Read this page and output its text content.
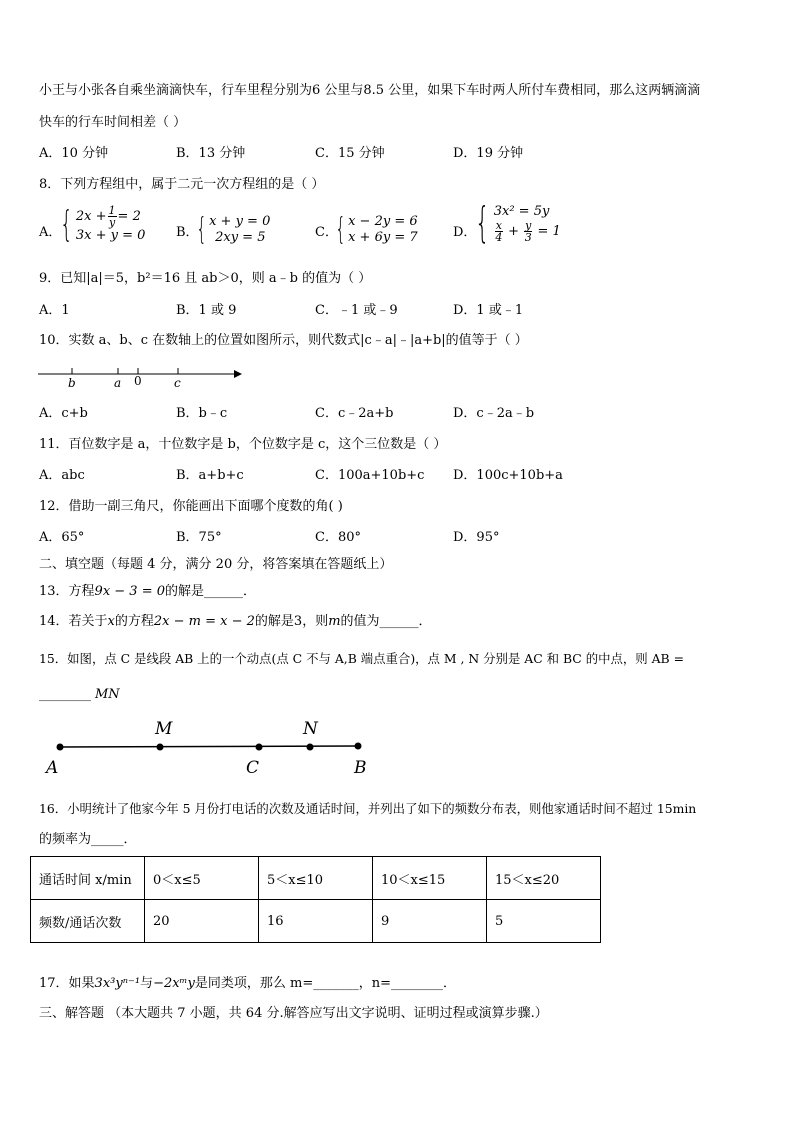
小王与小张各自乘坐滴滴快车，行车里程分别为6 公里与8.5 公里，如果下车时两人所付车费相同，那么这两辆滴滴
快车的行车时间相差（ ）
A．10 分钟	B．13 分钟	C．15 分钟	D．19 分钟
8．下列方程组中，属于二元一次方程组的是（ ）
A．
{ $2x + \frac{1}{y} = 2$
3x + y = 0 B．
{ x + y = 0
2xy = 5	C．
{ x − 2y = 6
x + 6y = 7	D．
{ 3x² = 5y
$\frac{x}{4} + \frac{y}{3} = 1$
9．已知|a|＝5，b²＝16 且 ab＞0，则 a﹣b 的值为（ ）
A．1	B．1 或 9	C．﹣1 或﹣9	D．1 或﹣1
10．实数 a、b、c 在数轴上的位置如图所示，则代数式|c﹣a|﹣|a+b|的值等于（ ）
b	a 0	c
A．c+b	B．b﹣c	C．c﹣2a+b	D．c﹣2a﹣b
11．百位数字是 a，十位数字是 b，个位数字是 c，这个三位数是（ ）
A．abc	B．a+b+c	C．100a+10b+c D．100c+10b+a
12．借助一副三角尺，你能画出下面哪个度数的角( )
A．65°	B．75°	C．80°	D．95°
二、填空题（每题 4 分，满分 20 分，将答案填在答题纸上）
13．方程9x − 3 = 0的解是______．
14．若关于x的方程2x − m = x − 2的解是3，则m的值为______．
15．如图，点 C 是线段 AB 上的一个动点(点 C 不与 A,B 端点重合)，点 M , N 分别是 AC 和 BC 的中点，则 AB =
________ MN
M	N
A	C	B
16．小明统计了他家今年 5 月份打电话的次数及通话时间，并列出了如下的频数分布表，则他家通话时间不超过 15min
的频率为_____．
通话时间 x/min	0＜x≤5	5＜x≤10	10＜x≤15	15＜x≤20
频数/通话次数	20	16	9	5
17．如果3x³yⁿ⁻¹与−2xᵐy是同类项，那么 m=_______，n=________．
三、解答题 （本大题共 7 小题，共 64 分.解答应写出文字说明、证明过程或演算步骤.）
